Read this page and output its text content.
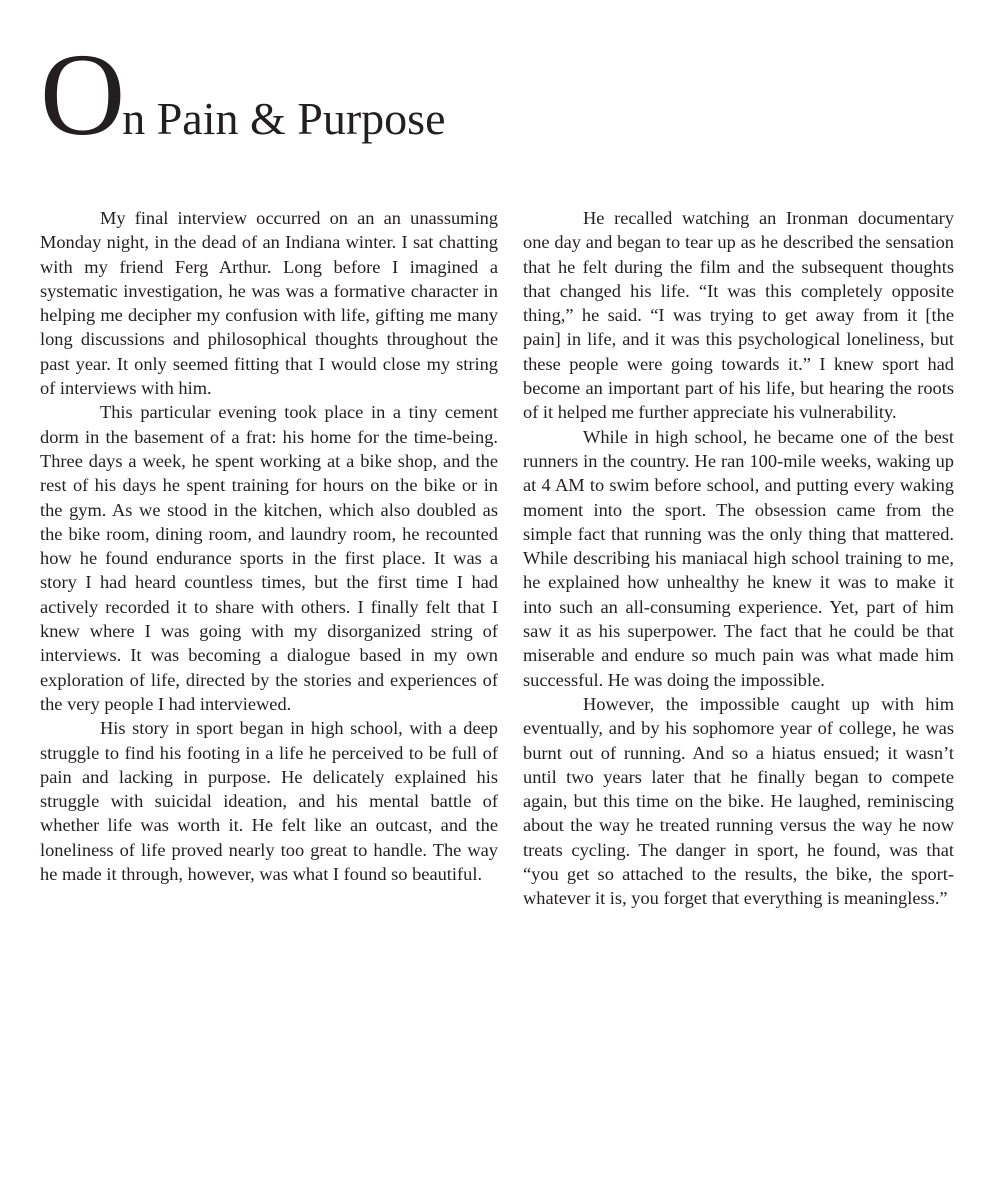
On Pain & Purpose

My final interview occurred on an an unassuming Monday night, in the dead of an Indiana winter. I sat chatting with my friend Ferg Arthur. Long before I imagined a systematic investigation, he was was a formative character in helping me decipher my confusion with life, gifting me many long discussions and philosophical thoughts throughout the past year. It only seemed fitting that I would close my string of interviews with him.

This particular evening took place in a tiny cement dorm in the basement of a frat: his home for the time-being. Three days a week, he spent working at a bike shop, and the rest of his days he spent training for hours on the bike or in the gym. As we stood in the kitchen, which also doubled as the bike room, dining room, and laundry room, he recounted how he found endurance sports in the first place. It was a story I had heard countless times, but the first time I had actively recorded it to share with others. I finally felt that I knew where I was going with my disorganized string of interviews. It was becoming a dialogue based in my own exploration of life, directed by the stories and experiences of the very people I had interviewed.

His story in sport began in high school, with a deep struggle to find his footing in a life he perceived to be full of pain and lacking in purpose. He delicately explained his struggle with suicidal ideation, and his mental battle of whether life was worth it. He felt like an outcast, and the loneliness of life proved nearly too great to handle. The way he made it through, however, was what I found so beautiful.

He recalled watching an Ironman documentary one day and began to tear up as he described the sensation that he felt during the film and the subsequent thoughts that changed his life. “It was this completely opposite thing,” he said. “I was trying to get away from it [the pain] in life, and it was this psychological loneliness, but these people were going towards it.” I knew sport had become an important part of his life, but hearing the roots of it helped me further appreciate his vulnerability.

While in high school, he became one of the best runners in the country. He ran 100-mile weeks, waking up at 4 AM to swim before school, and putting every waking moment into the sport. The obsession came from the simple fact that running was the only thing that mattered. While describing his maniacal high school training to me, he explained how unhealthy he knew it was to make it into such an all-consuming experience. Yet, part of him saw it as his superpower. The fact that he could be that miserable and endure so much pain was what made him successful. He was doing the impossible.

However, the impossible caught up with him eventually, and by his sophomore year of college, he was burnt out of running. And so a hiatus ensued; it wasn’t until two years later that he finally began to compete again, but this time on the bike. He laughed, reminiscing about the way he treated running versus the way he now treats cycling. The danger in sport, he found, was that “you get so attached to the results, the bike, the sport- whatever it is, you forget that everything is meaningless.”
